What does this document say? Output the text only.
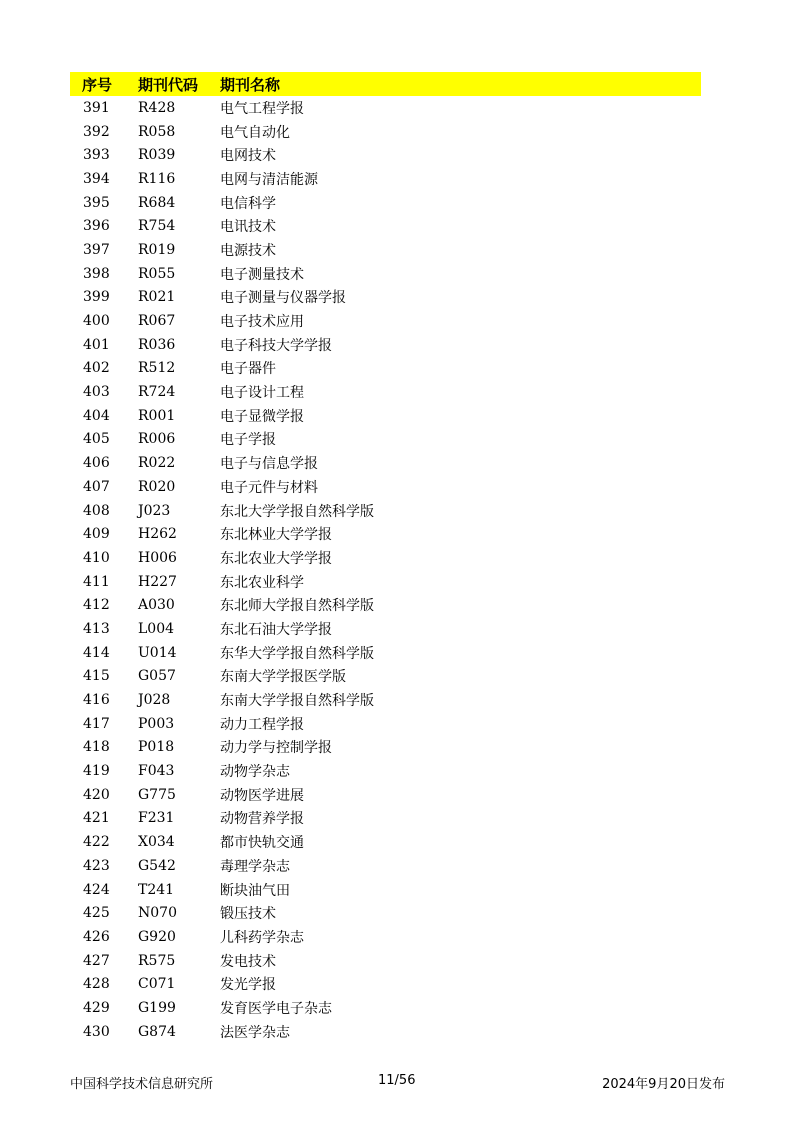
序号	期刊代码	期刊名称
391	R428	电气工程学报
392	R058	电气自动化
393	R039	电网技术
394	R116	电网与清洁能源
395	R684	电信科学
396	R754	电讯技术
397	R019	电源技术
398	R055	电子测量技术
399	R021	电子测量与仪器学报
400	R067	电子技术应用
401	R036	电子科技大学学报
402	R512	电子器件
403	R724	电子设计工程
404	R001	电子显微学报
405	R006	电子学报
406	R022	电子与信息学报
407	R020	电子元件与材料
408	J023	东北大学学报自然科学版
409	H262	东北林业大学学报
410	H006	东北农业大学学报
411	H227	东北农业科学
412	A030	东北师大学报自然科学版
413	L004	东北石油大学学报
414	U014	东华大学学报自然科学版
415	G057	东南大学学报医学版
416	J028	东南大学学报自然科学版
417	P003	动力工程学报
418	P018	动力学与控制学报
419	F043	动物学杂志
420	G775	动物医学进展
421	F231	动物营养学报
422	X034	都市快轨交通
423	G542	毒理学杂志
424	T241	断块油气田
425	N070	锻压技术
426	G920	儿科药学杂志
427	R575	发电技术
428	C071	发光学报
429	G199	发育医学电子杂志
430	G874	法医学杂志
中国科学技术信息研究所	11/56	2024年9月20日发布
